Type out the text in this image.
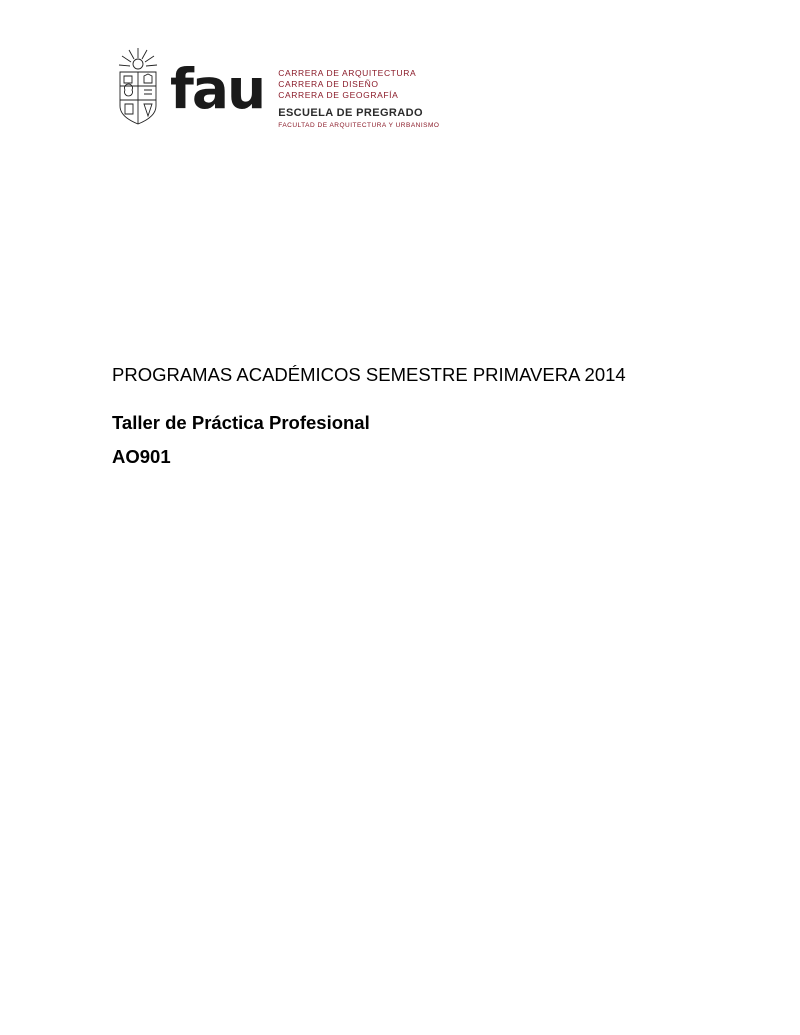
fau CARRERA DE ARQUITECTURA
CARRERA DE DISEÑO
CARRERA DE GEOGRAFÍA
ESCUELA DE PREGRADO
FACULTAD DE ARQUITECTURA Y URBANISMO
PROGRAMAS ACADÉMICOS SEMESTRE PRIMAVERA 2014
Taller de Práctica Profesional
AO901
